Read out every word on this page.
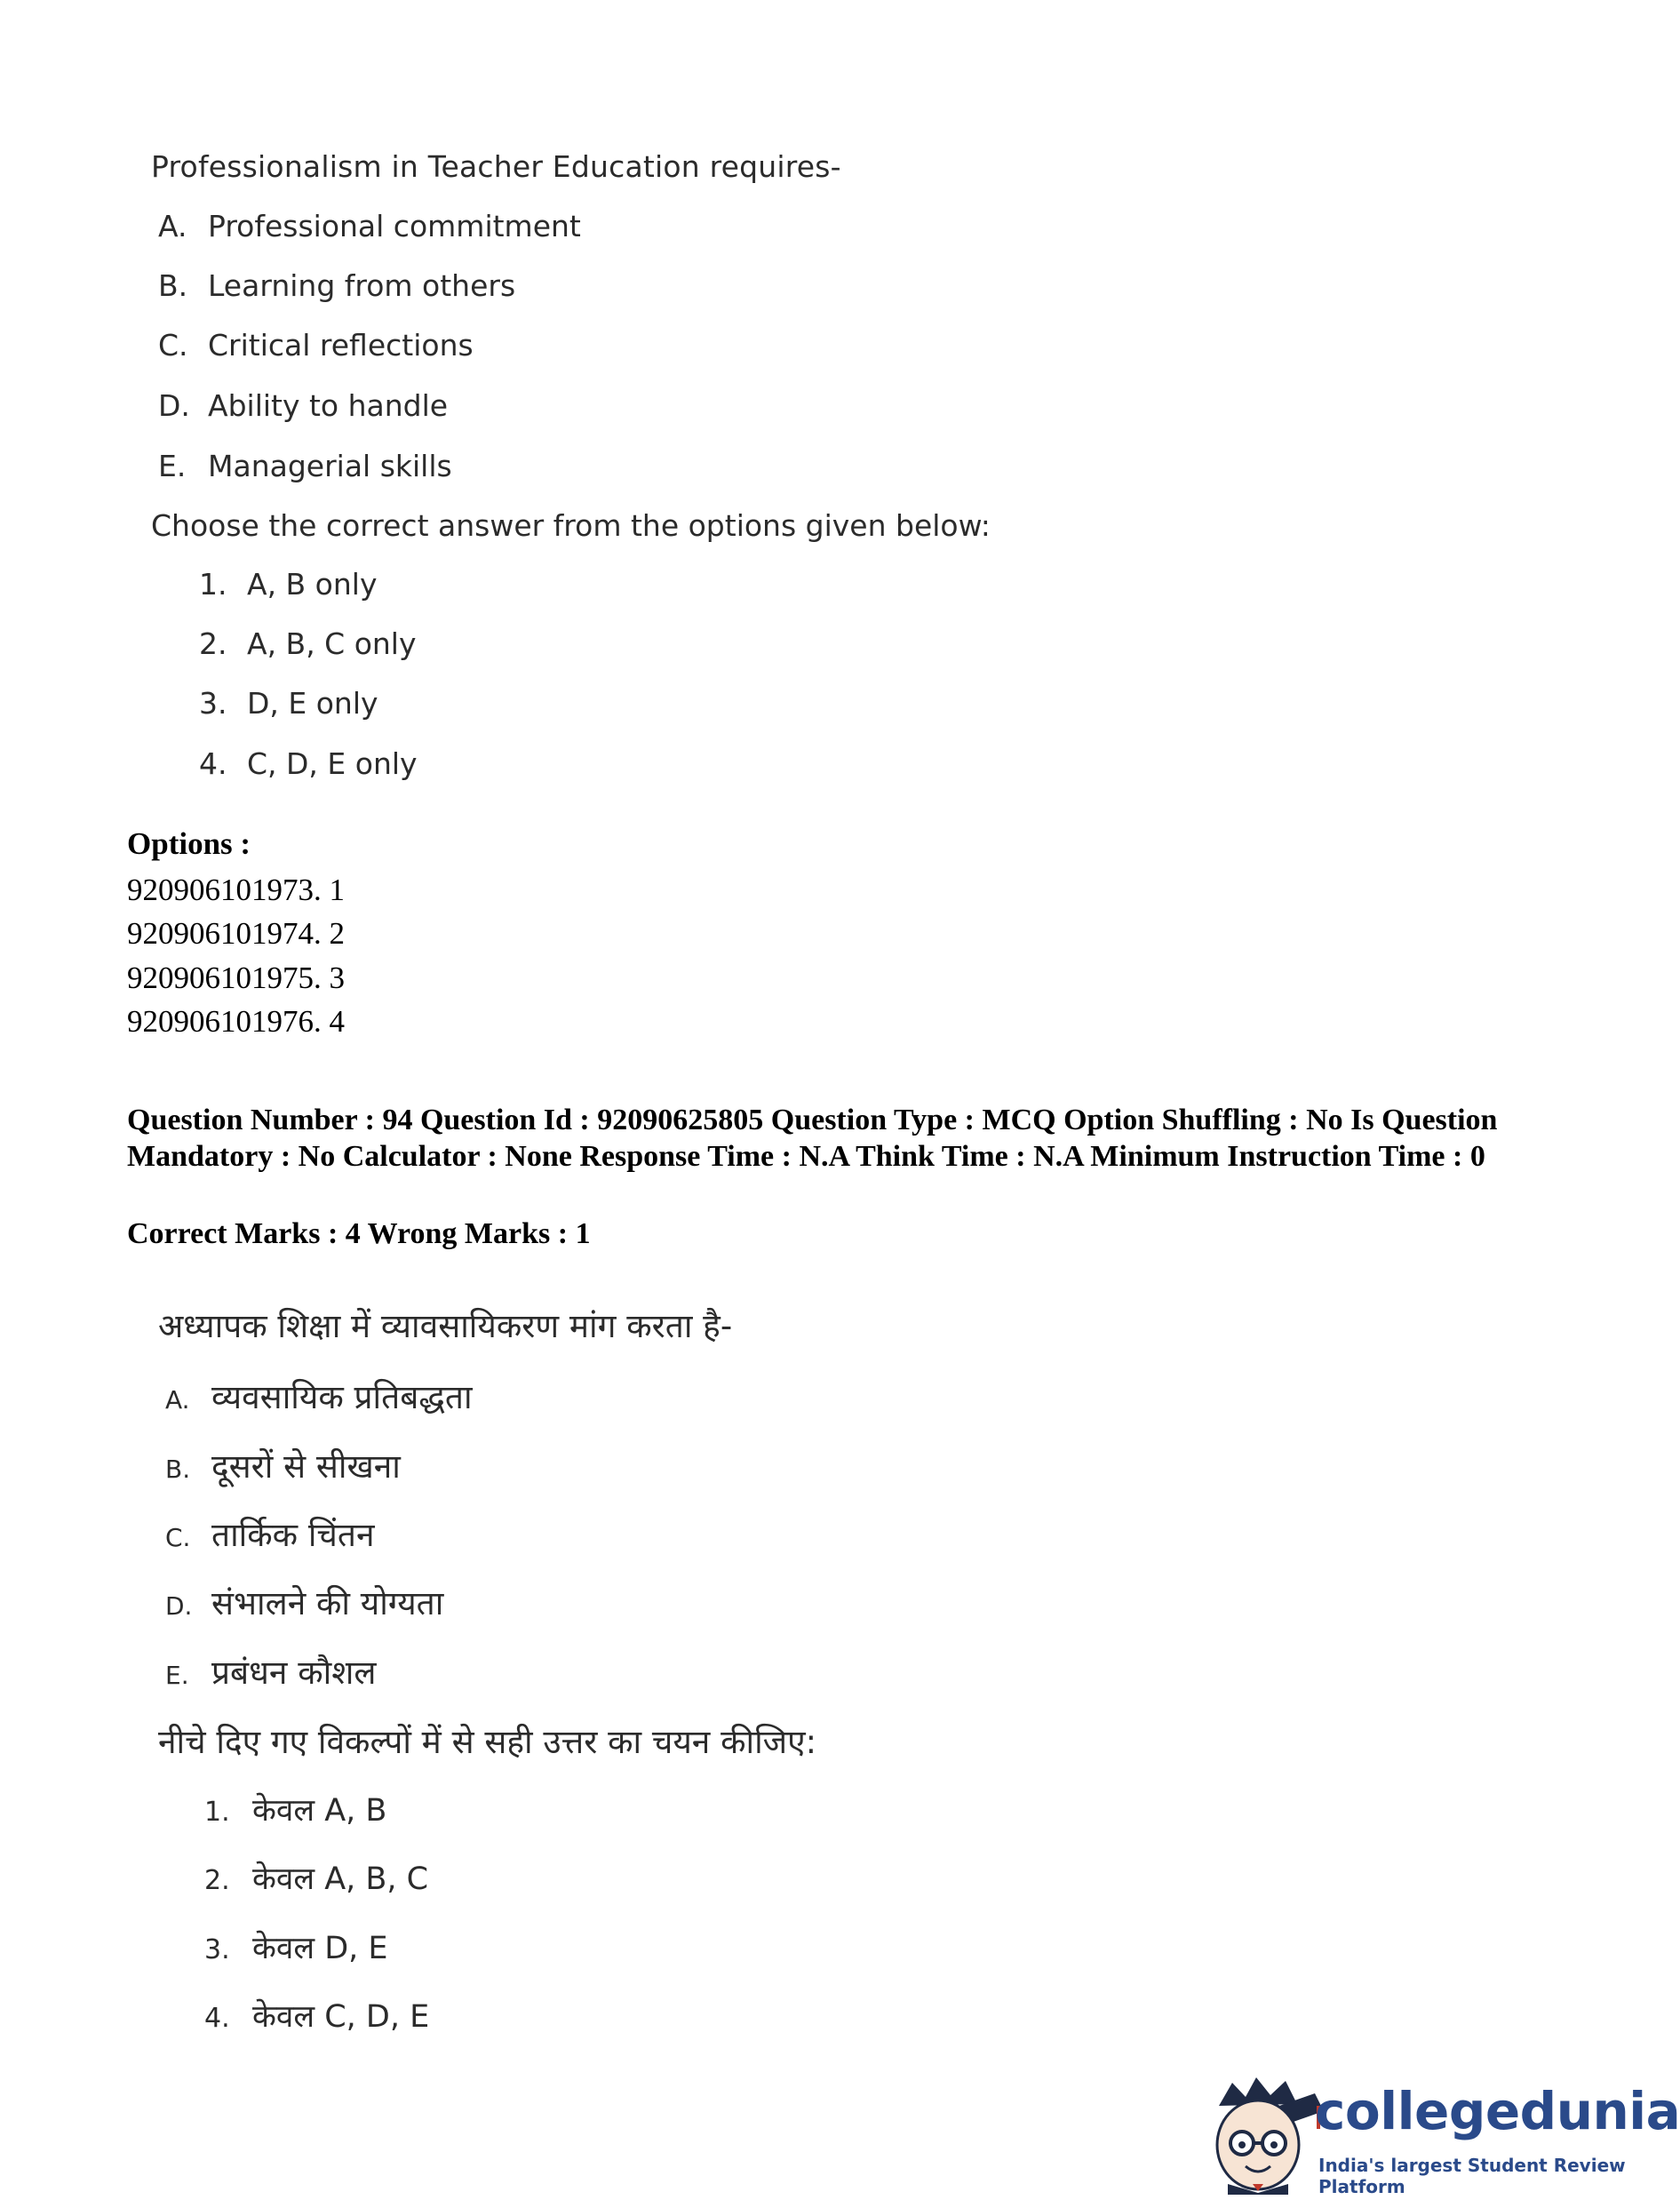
Professionalism in Teacher Education requires-
A. Professional commitment
B. Learning from others
C. Critical reflections
D. Ability to handle
E. Managerial skills
Choose the correct answer from the options given below:
1. A, B only
2. A, B, C only
3. D, E only
4. C, D, E only
Options :
920906101973. 1
920906101974. 2
920906101975. 3
920906101976. 4
Question Number : 94 Question Id : 92090625805 Question Type : MCQ Option Shuffling : No Is Question Mandatory : No Calculator : None Response Time : N.A Think Time : N.A Minimum Instruction Time : 0
Correct Marks : 4 Wrong Marks : 1
अध्यापक शिक्षा में व्यावसायिकरण मांग करता है-
A. व्यवसायिक प्रतिबद्धता
B. दूसरों से सीखना
C. तार्किक चिंतन
D. संभालने की योग्यता
E. प्रबंधन कौशल
नीचे दिए गए विकल्पों में से सही उत्तर का चयन कीजिए:
1. केवल A, B
2. केवल A, B, C
3. केवल D, E
4. केवल C, D, E
collegedunia
India's largest Student Review Platform
